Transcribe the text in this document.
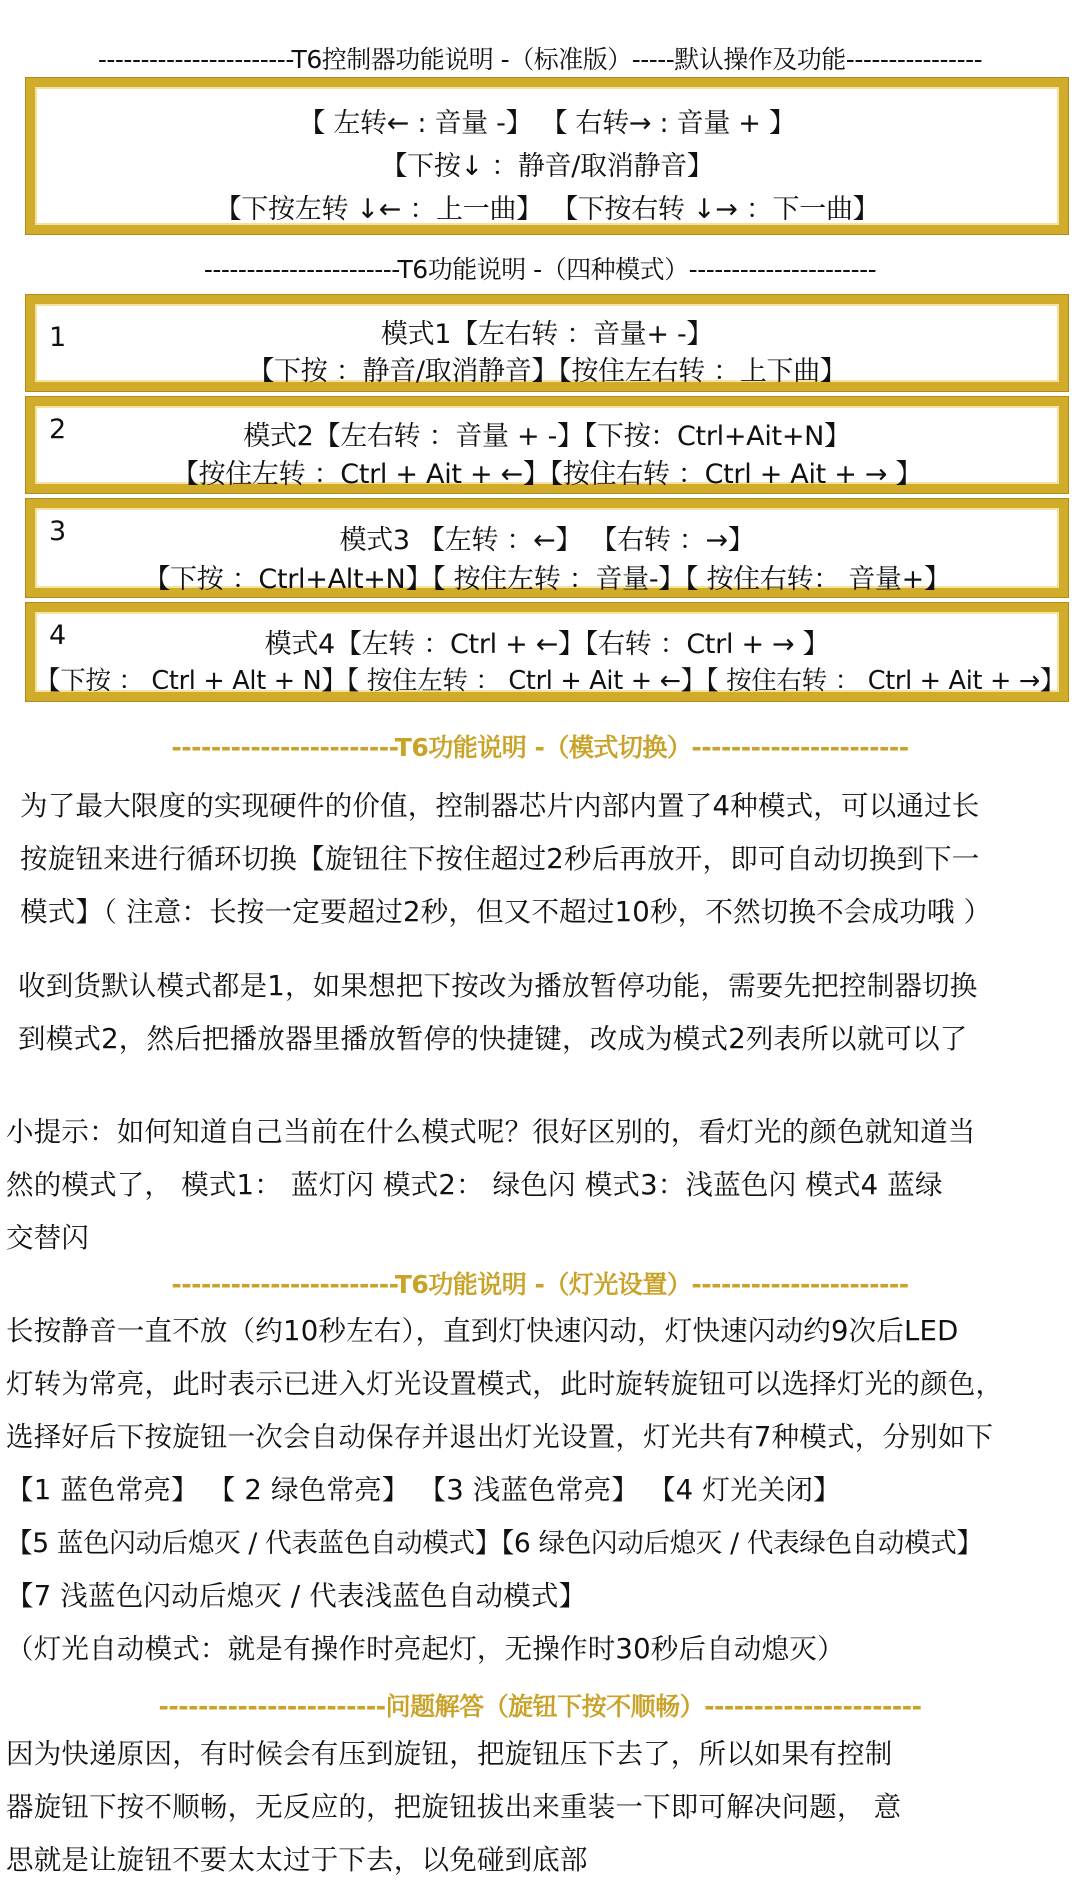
-----------------------T6控制器功能说明 -（标准版）-----默认操作及功能----------------
【 左转← : 音量 -】 【 右转→ : 音量 + 】
【下按↓ ：静音/取消静音】
【下按左转 ↓← ：上一曲】 【下按右转 ↓→ ：下一曲】
-----------------------T6功能说明 -（四种模式）----------------------
1	模式1【左右转 ：音量+ -】
【下按 ：静音/取消静音】【按住左右转 ：上下曲】
2	模式2【左右转 ：音量 + -】【下按：Ctrl+Ait+N】
【按住左转 ：Ctrl + Ait + ←】【按住右转 ：Ctrl + Ait + → 】
3	模式3 【左转 ：←】 【右转 ：→】
【下按 ：Ctrl+Alt+N】【 按住左转 ：音量-】【 按住右转： 音量+】
4	模式4【左转 ：Ctrl + ←】【右转 ：Ctrl + → 】
【下按 ： Ctrl + Alt + N】【 按住左转 ： Ctrl + Ait + ←】【 按住右转 ： Ctrl + Ait + →】
-----------------------T6功能说明 -（模式切换）----------------------
为了最大限度的实现硬件的价值，控制器芯片内部内置了4种模式，可以通过长
按旋钮来进行循环切换【旋钮往下按住超过2秒后再放开，即可自动切换到下一
模式】（ 注意：长按一定要超过2秒，但又不超过10秒，不然切换不会成功哦 ）
收到货默认模式都是1，如果想把下按改为播放暂停功能，需要先把控制器切换
到模式2，然后把播放器里播放暂停的快捷键，改成为模式2列表所以就可以了
小提示：如何知道自己当前在什么模式呢？很好区别的，看灯光的颜色就知道当
然的模式了， 模式1： 蓝灯闪 模式2： 绿色闪 模式3：浅蓝色闪 模式4 蓝绿
交替闪
-----------------------T6功能说明 -（灯光设置）----------------------
长按静音一直不放（约10秒左右），直到灯快速闪动，灯快速闪动约9次后LED
灯转为常亮，此时表示已进入灯光设置模式，此时旋转旋钮可以选择灯光的颜色，
选择好后下按旋钮一次会自动保存并退出灯光设置，灯光共有7种模式，分别如下
【1 蓝色常亮】 【 2 绿色常亮】 【3 浅蓝色常亮】 【4 灯光关闭】
【5 蓝色闪动后熄灭 / 代表蓝色自动模式】【6 绿色闪动后熄灭 / 代表绿色自动模式】
【7 浅蓝色闪动后熄灭 / 代表浅蓝色自动模式】
（灯光自动模式：就是有操作时亮起灯，无操作时30秒后自动熄灭）
-----------------------问题解答（旋钮下按不顺畅）----------------------
因为快递原因，有时候会有压到旋钮，把旋钮压下去了，所以如果有控制
器旋钮下按不顺畅，无反应的，把旋钮拔出来重装一下即可解决问题， 意
思就是让旋钮不要太太过于下去，以免碰到底部
